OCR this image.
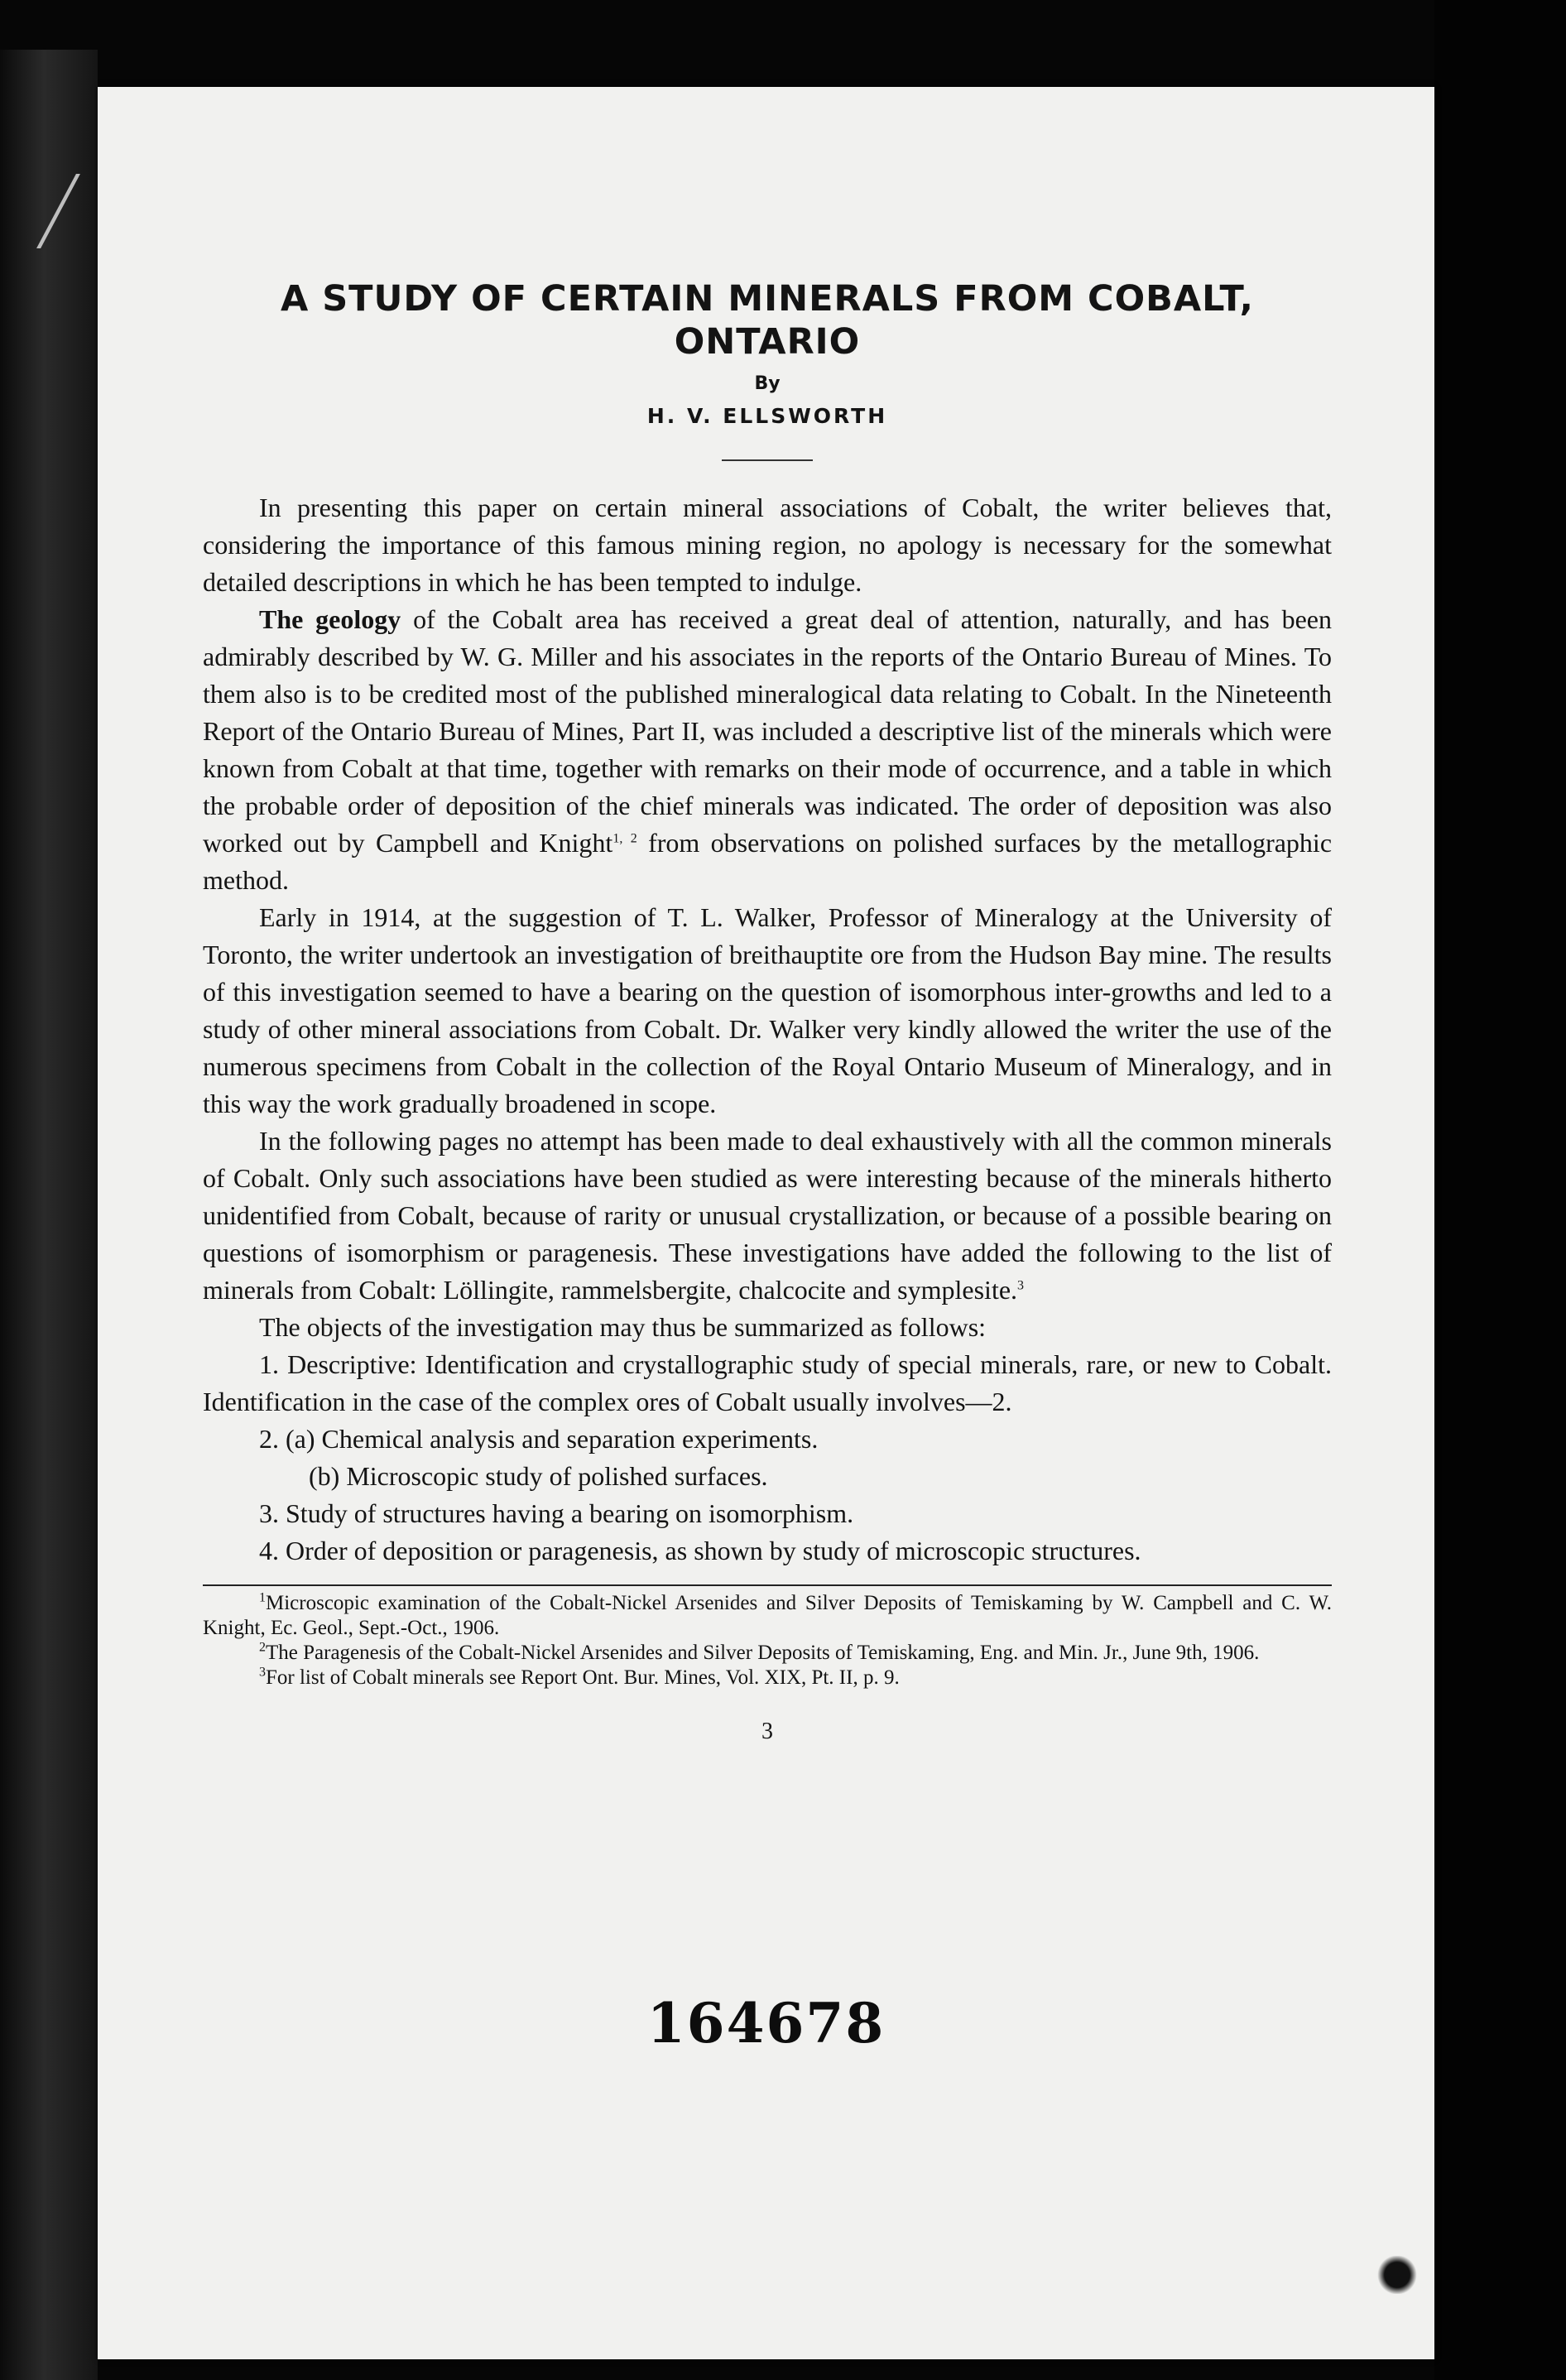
A STUDY OF CERTAIN MINERALS FROM COBALT,
ONTARIO
By
H. V. ELLSWORTH

In presenting this paper on certain mineral associations of Cobalt, the writer believes that, considering the importance of this famous mining region, no apology is necessary for the somewhat detailed descriptions in which he has been tempted to indulge.

The geology of the Cobalt area has received a great deal of attention, naturally, and has been admirably described by W. G. Miller and his associates in the reports of the Ontario Bureau of Mines. To them also is to be credited most of the published mineralogical data relating to Cobalt. In the Nineteenth Report of the Ontario Bureau of Mines, Part II, was included a descriptive list of the minerals which were known from Cobalt at that time, together with remarks on their mode of occurrence, and a table in which the probable order of deposition of the chief minerals was indicated. The order of deposition was also worked out by Campbell and Knight$^{1, 2}$ from observations on polished surfaces by the metallographic method.

Early in 1914, at the suggestion of T. L. Walker, Professor of Mineralogy at the University of Toronto, the writer undertook an investigation of breithauptite ore from the Hudson Bay mine. The results of this investigation seemed to have a bearing on the question of isomorphous inter-growths and led to a study of other mineral associations from Cobalt. Dr. Walker very kindly allowed the writer the use of the numerous specimens from Cobalt in the collection of the Royal Ontario Museum of Mineralogy, and in this way the work gradually broadened in scope.

In the following pages no attempt has been made to deal exhaustively with all the common minerals of Cobalt. Only such associations have been studied as were interesting because of the minerals hitherto unidentified from Cobalt, because of rarity or unusual crystallization, or because of a possible bearing on questions of isomorphism or paragenesis. These investigations have added the following to the list of minerals from Cobalt: Löllingite, rammelsbergite, chalcocite and symplesite.$^3$

The objects of the investigation may thus be summarized as follows:

1. Descriptive: Identification and crystallographic study of special minerals, rare, or new to Cobalt. Identification in the case of the complex ores of Cobalt usually involves—2.

2. (a) Chemical analysis and separation experiments.

(b) Microscopic study of polished surfaces.

3. Study of structures having a bearing on isomorphism.

4. Order of deposition or paragenesis, as shown by study of microscopic structures.

$^1$Microscopic examination of the Cobalt-Nickel Arsenides and Silver Deposits of Temiskaming by W. Campbell and C. W. Knight, Ec. Geol., Sept.-Oct., 1906.

$^2$The Paragenesis of the Cobalt-Nickel Arsenides and Silver Deposits of Temiskaming, Eng. and Min. Jr., June 9th, 1906.

$^3$For list of Cobalt minerals see Report Ont. Bur. Mines, Vol. XIX, Pt. II, p. 9.

3
164678
